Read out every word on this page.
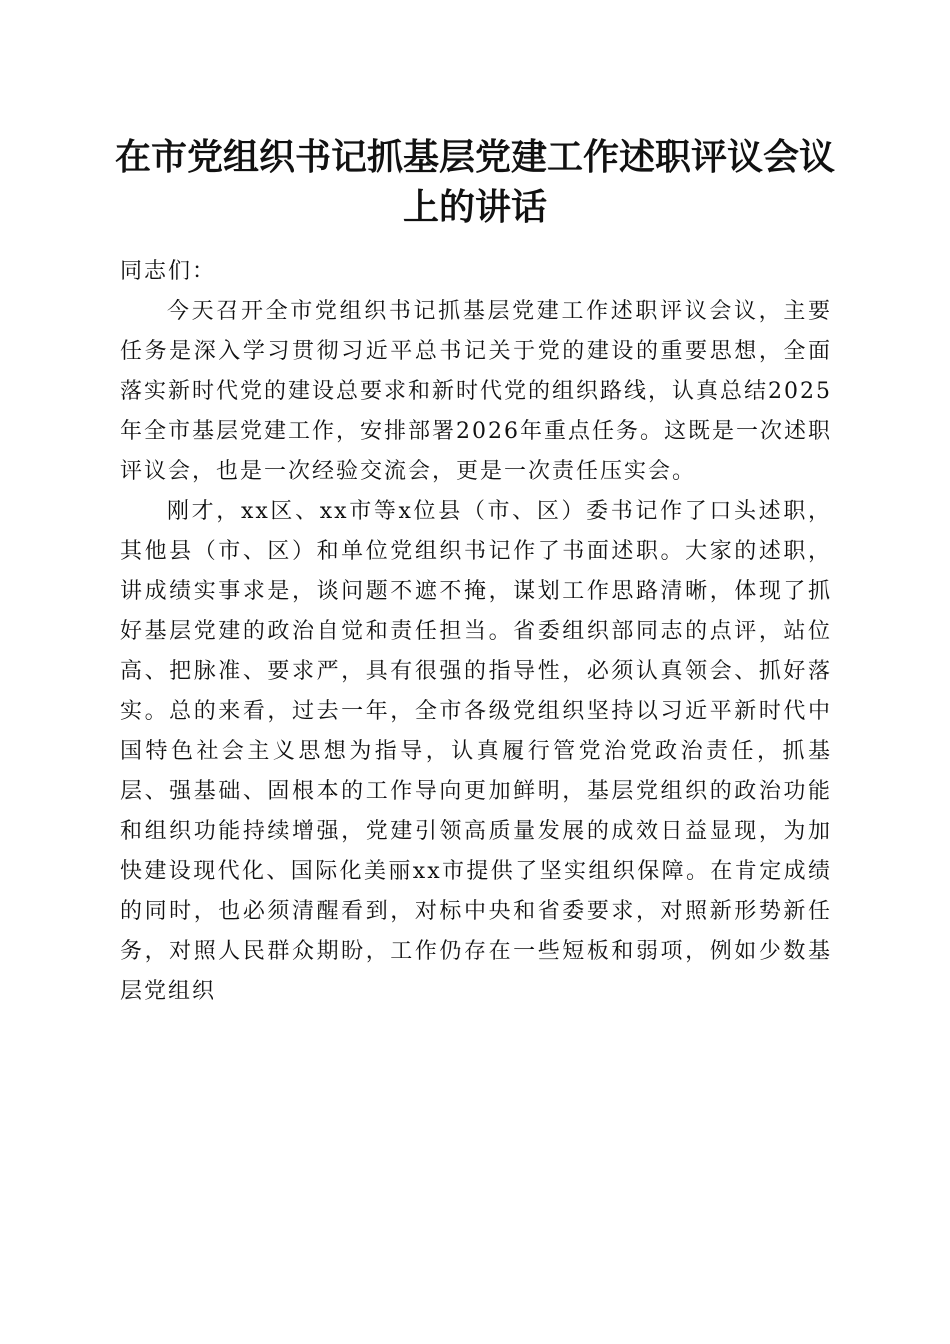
在市党组织书记抓基层党建工作述职评议会议
上的讲话

同志们：

今天召开全市党组织书记抓基层党建工作述职评议会议，主要任务是深入学习贯彻习近平总书记关于党的建设的重要思想，全面落实新时代党的建设总要求和新时代党的组织路线，认真总结2025年全市基层党建工作，安排部署2026年重点任务。这既是一次述职评议会，也是一次经验交流会，更是一次责任压实会。

刚才，xx区、xx市等x位县（市、区）委书记作了口头述职，其他县（市、区）和单位党组织书记作了书面述职。大家的述职，讲成绩实事求是，谈问题不遮不掩，谋划工作思路清晰，体现了抓好基层党建的政治自觉和责任担当。省委组织部同志的点评，站位高、把脉准、要求严，具有很强的指导性，必须认真领会、抓好落实。总的来看，过去一年，全市各级党组织坚持以习近平新时代中国特色社会主义思想为指导，认真履行管党治党政治责任，抓基层、强基础、固根本的工作导向更加鲜明，基层党组织的政治功能和组织功能持续增强，党建引领高质量发展的成效日益显现，为加快建设现代化、国际化美丽xx市提供了坚实组织保障。在肯定成绩的同时，也必须清醒看到，对标中央和省委要求，对照新形势新任务，对照人民群众期盼，工作仍存在一些短板和弱项，例如少数基层党组织
